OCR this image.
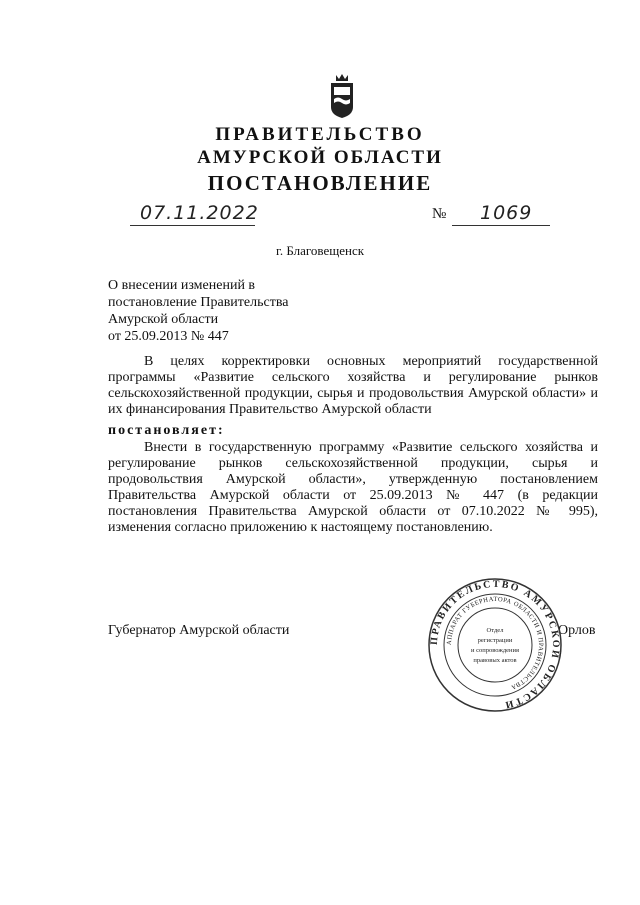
ПРАВИТЕЛЬСТВО
АМУРСКОЙ ОБЛАСТИ
ПОСТАНОВЛЕНИЕ
07.11.2022	№ 1069
г. Благовещенск
О внесении изменений в
постановление Правительства
Амурской области
от 25.09.2013 № 447
В целях корректировки основных мероприятий государственной программы «Развитие сельского хозяйства и регулирование рынков сельскохозяйственной продукции, сырья и продовольствия Амурской области» и их финансирования Правительство Амурской области
постановляет:
Внести в государственную программу «Развитие сельского хозяйства и регулирование рынков сельскохозяйственной продукции, сырья и продовольствия Амурской области», утвержденную постановлением Правительства Амурской области от 25.09.2013 № 447 (в редакции постановления Правительства Амурской области от 07.10.2022 № 995), изменения согласно приложению к настоящему постановлению.
Губернатор Амурской области	Орлов
ПРАВИТЕЛЬСТВО АМУРСКОЙ ОБЛАСТИ
АППАРАТ ГУБЕРНАТОРА ОБЛАСТИ И ПРАВИТЕЛЬСТВА
Отдел
регистрации
и сопровождения
правовых актов
